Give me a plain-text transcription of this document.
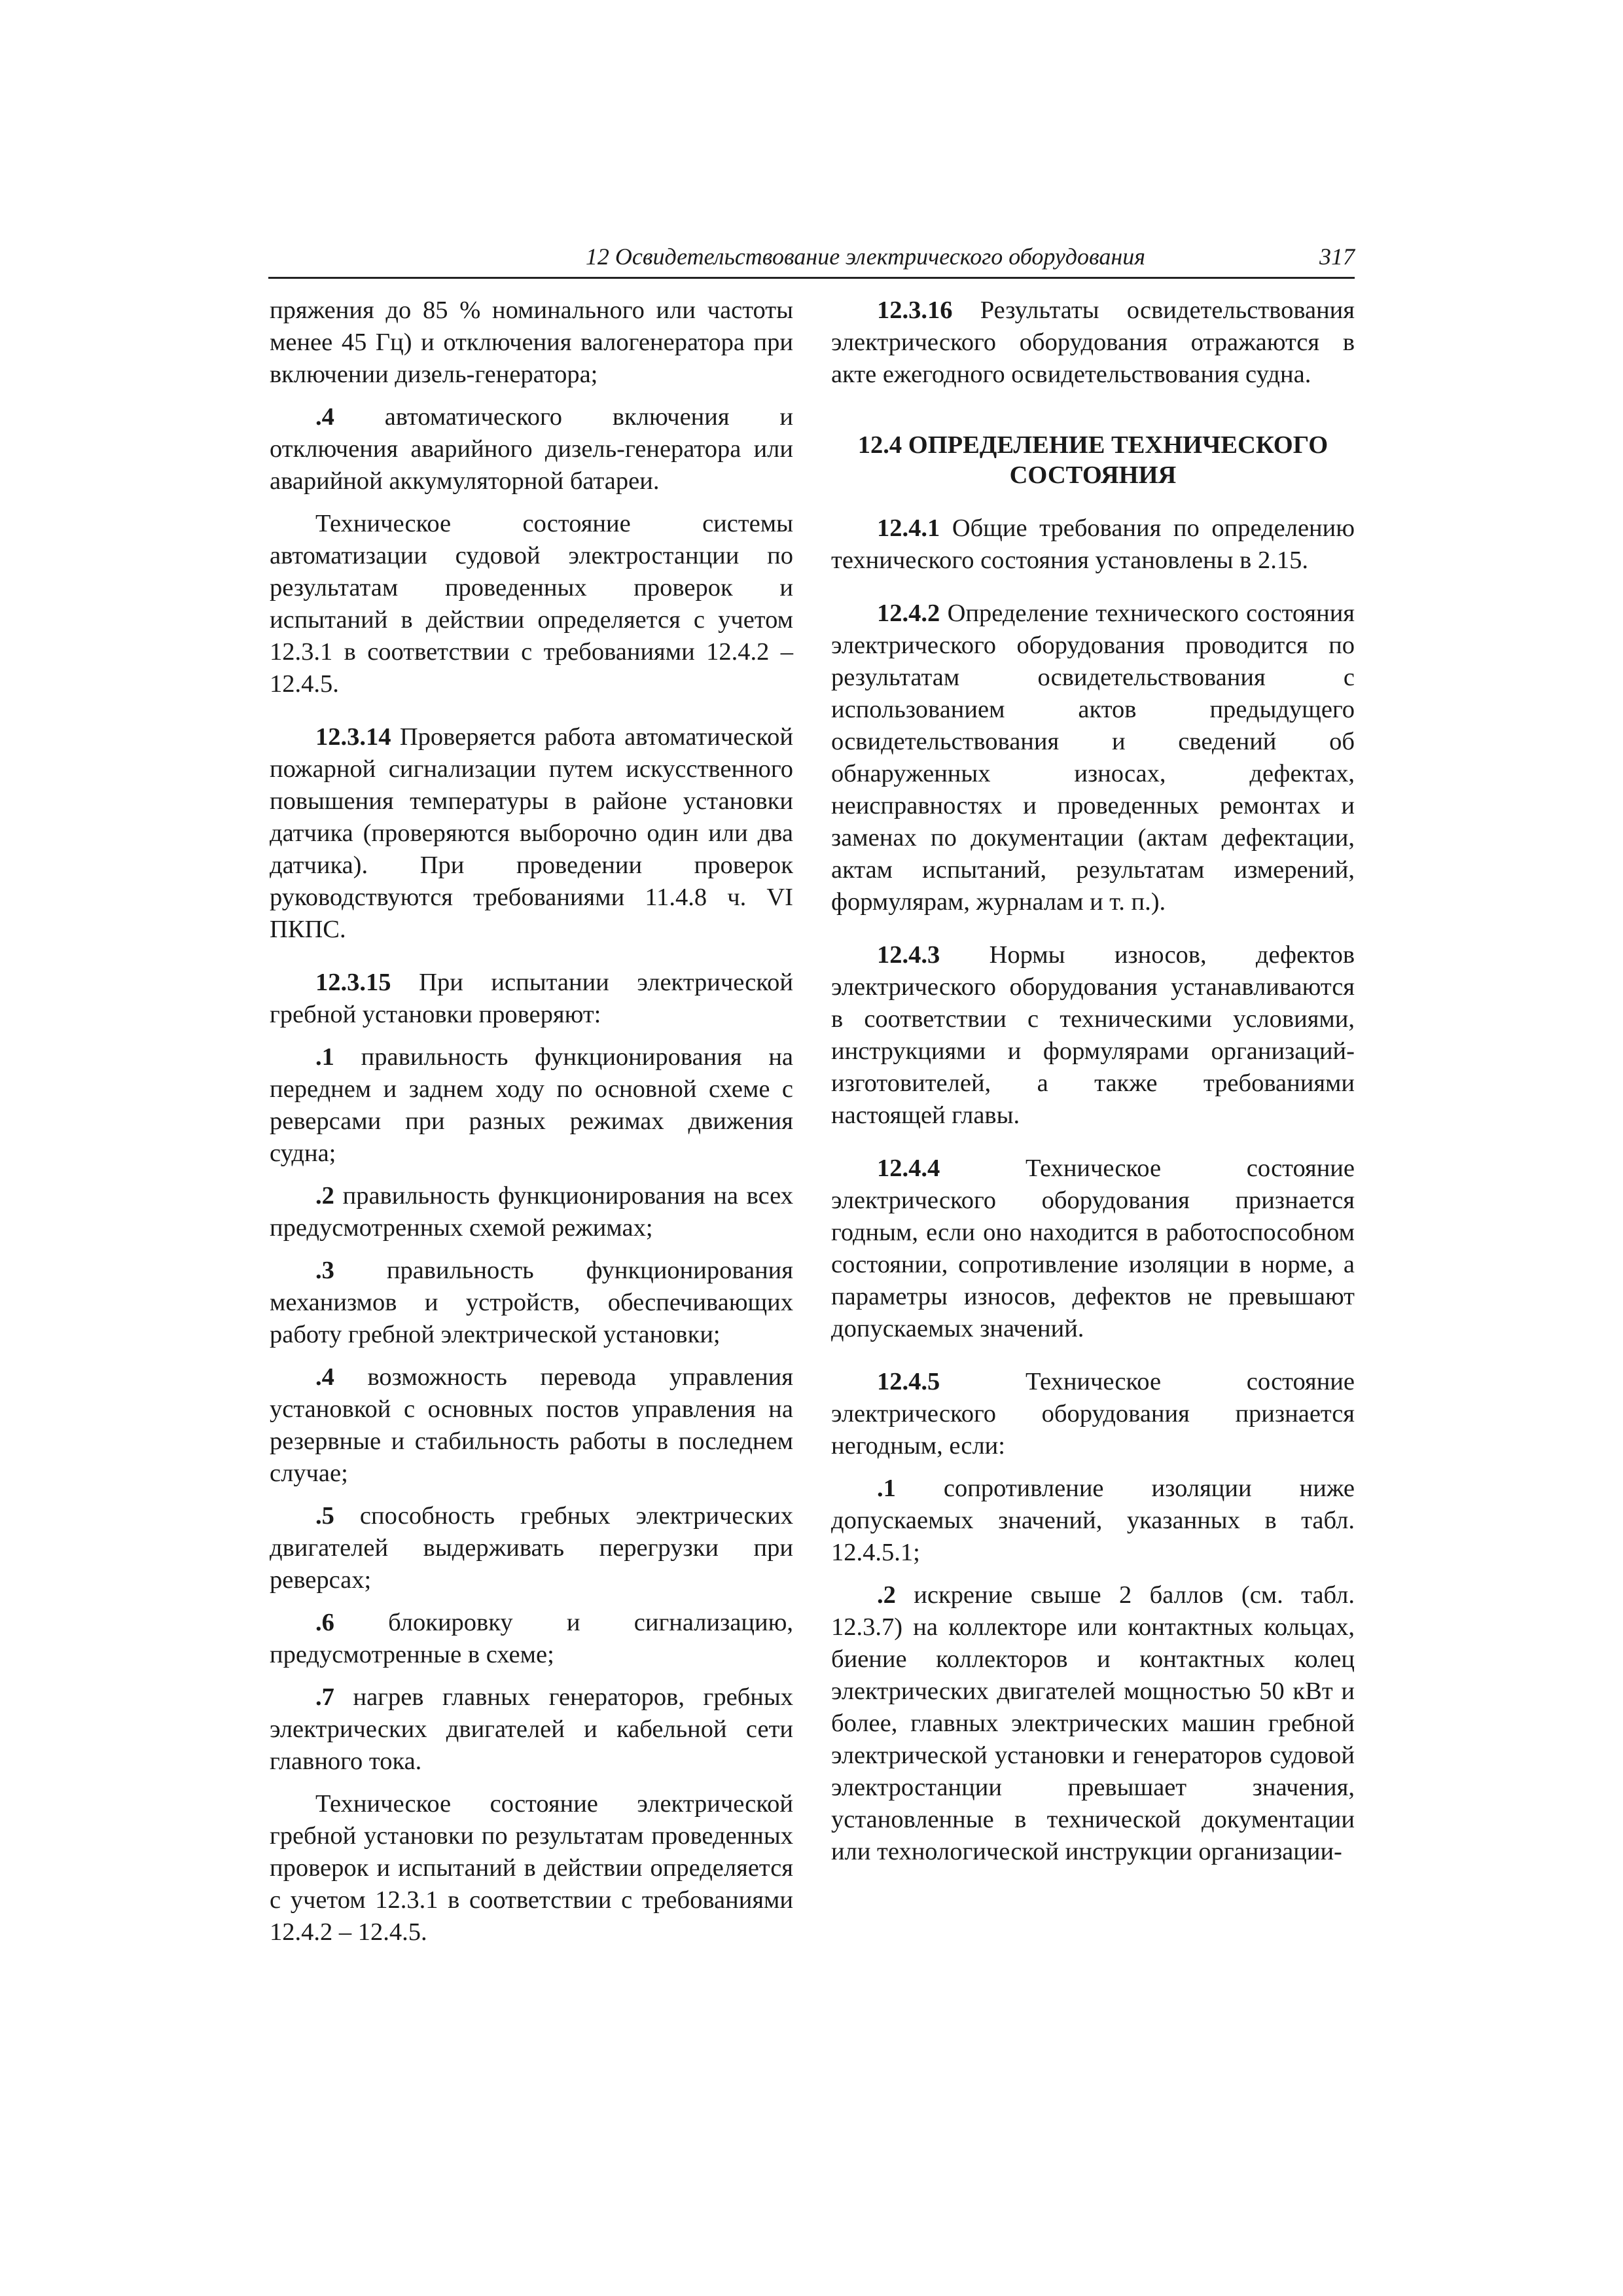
12 Освидетельствование электрического оборудования	317

пряжения до 85 % номинального или частоты менее 45 Гц) и отключения валогенератора при включении дизель-генератора;

.4 автоматического включения и отключения аварийного дизель-генератора или аварийной аккумуляторной батареи.

Техническое состояние системы автоматизации судовой электростанции по результатам проведенных проверок и испытаний в действии определяется с учетом 12.3.1 в соответствии с требованиями 12.4.2 – 12.4.5.

12.3.14 Проверяется работа автоматической пожарной сигнализации путем искусственного повышения температуры в районе установки датчика (проверяются выборочно один или два датчика). При проведении проверок руководствуются требованиями 11.4.8 ч. VI ПКПС.

12.3.15 При испытании электрической гребной установки проверяют:

.1 правильность функционирования на переднем и заднем ходу по основной схеме с реверсами при разных режимах движения судна;

.2 правильность функционирования на всех предусмотренных схемой режимах;

.3 правильность функционирования механизмов и устройств, обеспечивающих работу гребной электрической установки;

.4 возможность перевода управления установкой с основных постов управления на резервные и стабильность работы в последнем случае;

.5 способность гребных электрических двигателей выдерживать перегрузки при реверсах;

.6 блокировку и сигнализацию, предусмотренные в схеме;

.7 нагрев главных генераторов, гребных электрических двигателей и кабельной сети главного тока.

Техническое состояние электрической гребной установки по результатам проведенных проверок и испытаний в действии определяется с учетом 12.3.1 в соответствии с требованиями 12.4.2 – 12.4.5.

12.3.16 Результаты освидетельствования электрического оборудования отражаются в акте ежегодного освидетельствования судна.

12.4 ОПРЕДЕЛЕНИЕ ТЕХНИЧЕСКОГО СОСТОЯНИЯ

12.4.1 Общие требования по определению технического состояния установлены в 2.15.

12.4.2 Определение технического состояния электрического оборудования проводится по результатам освидетельствования с использованием актов предыдущего освидетельствования и сведений об обнаруженных износах, дефектах, неисправностях и проведенных ремонтах и заменах по документации (актам дефектации, актам испытаний, результатам измерений, формулярам, журналам и т. п.).

12.4.3 Нормы износов, дефектов электрического оборудования устанавливаются в соответствии с техническими условиями, инструкциями и формулярами организаций-изготовителей, а также требованиями настоящей главы.

12.4.4	Техническое состояние электрического оборудования признается годным, если оно находится в работоспособном состоянии, сопротивление изоляции в норме, а параметры износов, дефектов не превышают допускаемых значений.

12.4.5	Техническое состояние электрического оборудования признается негодным, если:

.1 сопротивление изоляции ниже допускаемых значений, указанных в табл. 12.4.5.1;

.2 искрение свыше 2 баллов (см. табл. 12.3.7) на коллекторе или контактных кольцах, биение коллекторов и контактных колец электрических двигателей мощностью 50 кВт и более, главных электрических машин гребной электрической установки и генераторов судовой электростанции превышает значения, установленные в технической документации или технологической инструкции организации-
